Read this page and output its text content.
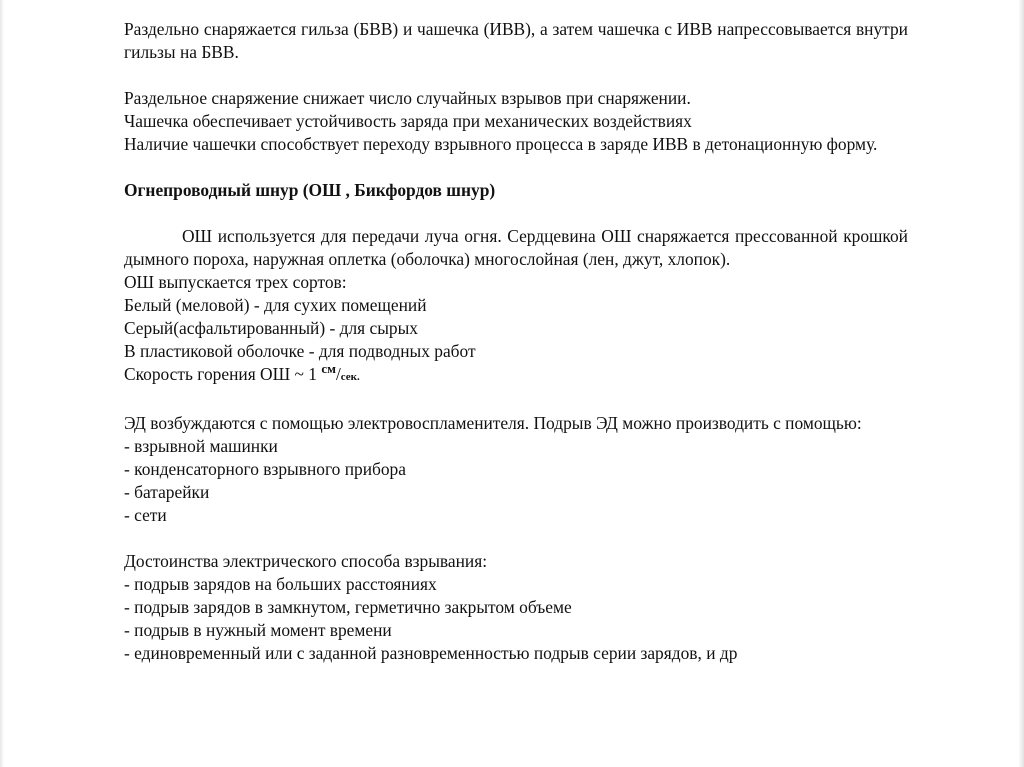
Раздельно снаряжается гильза (БВВ) и чашечка (ИВВ), а затем чашечка с ИВВ напрессовывается внутри гильзы на БВВ.

Раздельное снаряжение снижает число случайных взрывов при снаряжении.

Чашечка обеспечивает устойчивость заряда при механических воздействиях

Наличие чашечки способствует переходу взрывного процесса в заряде ИВВ в детонационную форму.

Огнепроводный шнур (ОШ , Бикфордов шнур)

ОШ используется для передачи луча огня. Сердцевина ОШ снаряжается прессованной крошкой дымного пороха, наружная оплетка (оболочка) многослойная (лен, джут, хлопок).

ОШ выпускается трех сортов:

Белый (меловой) - для сухих помещений

Серый(асфальтированный) - для сырых

В пластиковой оболочке - для подводных работ

Скорость горения ОШ ~ 1 $^{см}$/сек.

ЭД возбуждаются с помощью электровоспламенителя. Подрыв ЭД можно производить с помощью:

- взрывной машинки

- конденсаторного взрывного прибора

- батарейки

- сети

Достоинства электрического способа взрывания:

- подрыв зарядов на больших расстояниях

- подрыв зарядов в замкнутом, герметично закрытом объеме

- подрыв в нужный момент времени

- единовременный или с заданной разновременностью подрыв серии зарядов, и др
